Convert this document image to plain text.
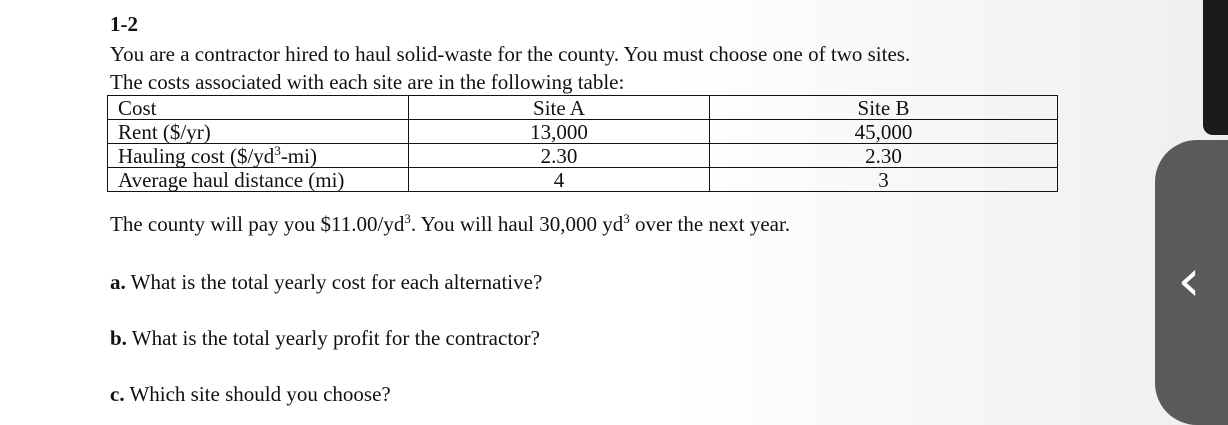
1-2
You are a contractor hired to haul solid-waste for the county. You must choose one of two sites.
The costs associated with each site are in the following table:
Cost	Site A	Site B
Rent ($/yr)	13,000	45,000
Hauling cost $(\$/yd^3-mi)$	2.30	2.30
Average haul distance (mi)	4	3
The county will pay you $\$11.00/yd^3$. You will haul 30,000 $yd^3$ over the next year.
a. What is the total yearly cost for each alternative?
b. What is the total yearly profit for the contractor?
c. Which site should you choose?
‹
